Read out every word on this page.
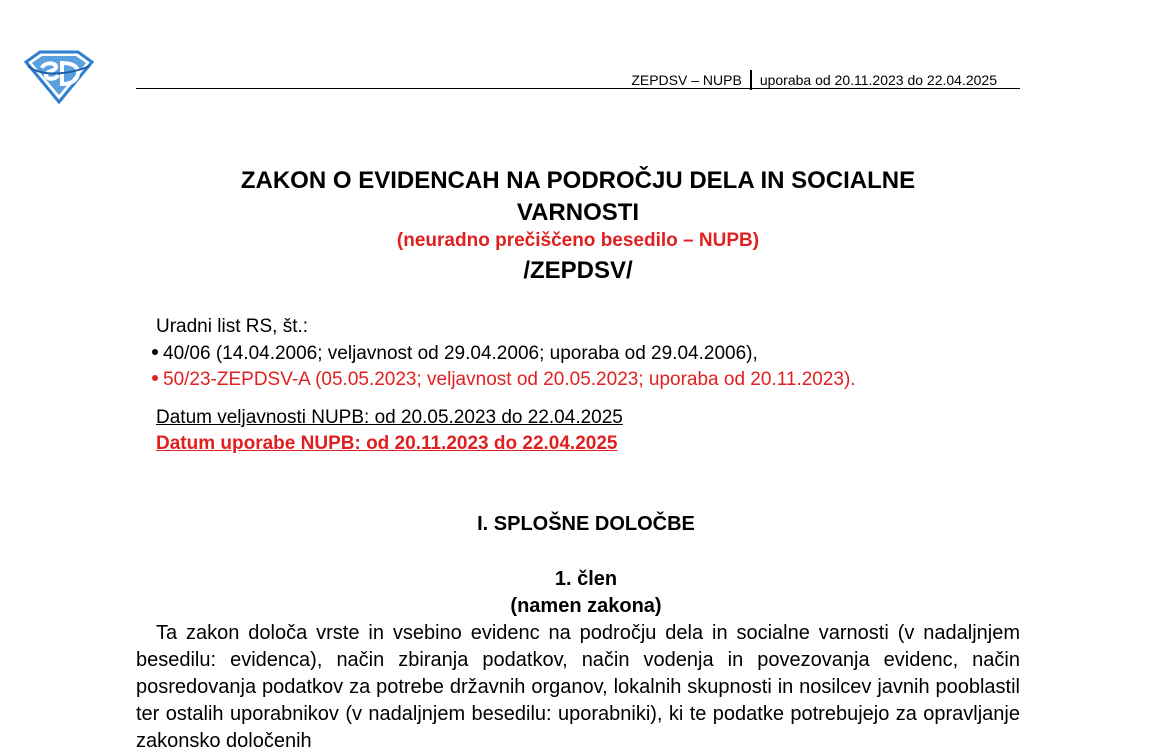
ZEPDSV – NUPB uporaba od 20.11.2023 do 22.04.2025
ZAKON O EVIDENCAH NA PODROČJU DELA IN SOCIALNE
VARNOSTI
(neuradno prečiščeno besedilo – NUPB)
/ZEPDSV/
Uradni list RS, št.:
40/06 (14.04.2006; veljavnost od 29.04.2006; uporaba od 29.04.2006),
50/23-ZEPDSV-A (05.05.2023; veljavnost od 20.05.2023; uporaba od 20.11.2023).
Datum veljavnosti NUPB: od 20.05.2023 do 22.04.2025
Datum uporabe NUPB: od 20.11.2023 do 22.04.2025
I. SPLOŠNE DOLOČBE
1. člen
(namen zakona)
Ta zakon določa vrste in vsebino evidenc na področju dela in socialne varnosti (v nadaljnjem besedilu: evidenca), način zbiranja podatkov, način vodenja in povezovanja evidenc, način posredovanja podatkov za potrebe državnih organov, lokalnih skupnosti in nosilcev javnih pooblastil ter ostalih uporabnikov (v nadaljnjem besedilu: uporabniki), ki te podatke potrebujejo za opravljanje zakonsko določenih
